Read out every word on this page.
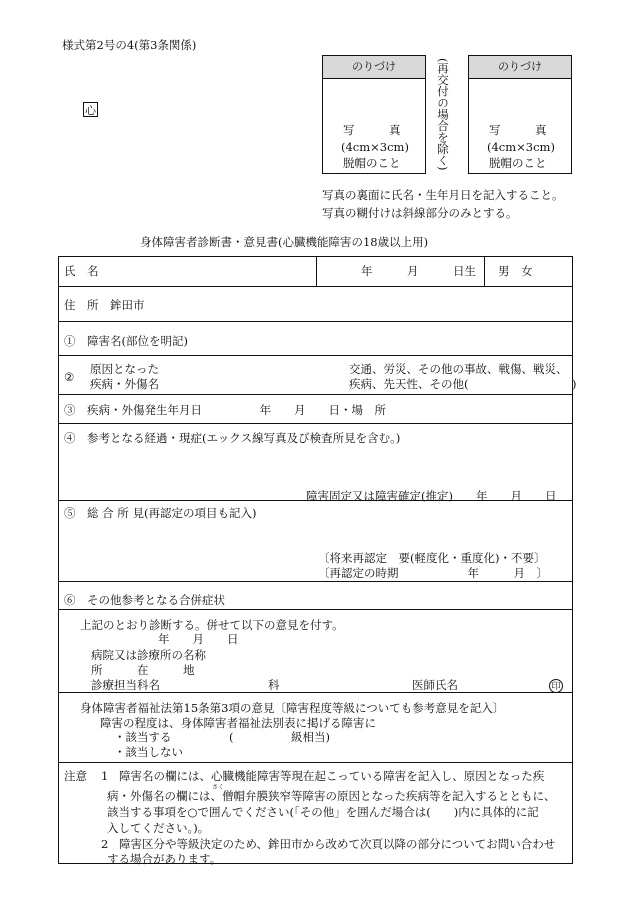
様式第2号の4(第3条関係)
心
のりづけ
写　　　真
(4cm×3cm)
脱帽のこと	(再交付の場合を除く)	のりづけ
写　　　真
(4cm×3cm)
脱帽のこと
写真の裏面に氏名・生年月日を記入すること。
写真の糊付けは斜線部分のみとする。
身体障害者診断書・意見書(心臓機能障害の18歳以上用)
氏　名	年　　　月　　　日生 男　女
住　所　鉾田市
①　障害名(部位を明記)
②
原因となった
疾病・外傷名
交通、労災、その他の事故、戦傷、戦災、
疾病、先天性、その他(　　　　　　　　　)
③　疾病・外傷発生年月日　　　　　年　　月　　日・場　所
④　参考となる経過・現症(エックス線写真及び検査所見を含む。)
障害固定又は障害確定(推定)　　年　　月　　日
⑤　総 合 所 見(再認定の項目も記入)
〔将来再認定　要(軽度化・重度化)・不要〕
〔再認定の時期　　　　　　年　　　月　〕
⑥　その他参考となる合併症状
上記のとおり診断する。併せて以下の意見を付す。
年　　月　　日
病院又は診療所の名称
所　　　在　　　地
診療担当科名	科	医師氏名	印
身体障害者福祉法第15条第3項の意見〔障害程度等級についても参考意見を記入〕
障害の程度は、身体障害者福祉法別表に掲げる障害に
・該当する　　　　　(　　　　　級相当)
・該当しない
注意 1 障害名の欄には、心臓機能障害等現在起こっている障害を記入し、原因となった疾
さく
病・外傷名の欄には、僧帽弁膜狭窄等障害の原因となった疾病等を記入するとともに、
該当する事項を○で囲んでください(「その他」を囲んだ場合は(　　)内に具体的に記
入してください。)。
2 障害区分や等級決定のため、鉾田市から改めて次頁以降の部分についてお問い合わせ
する場合があります。
